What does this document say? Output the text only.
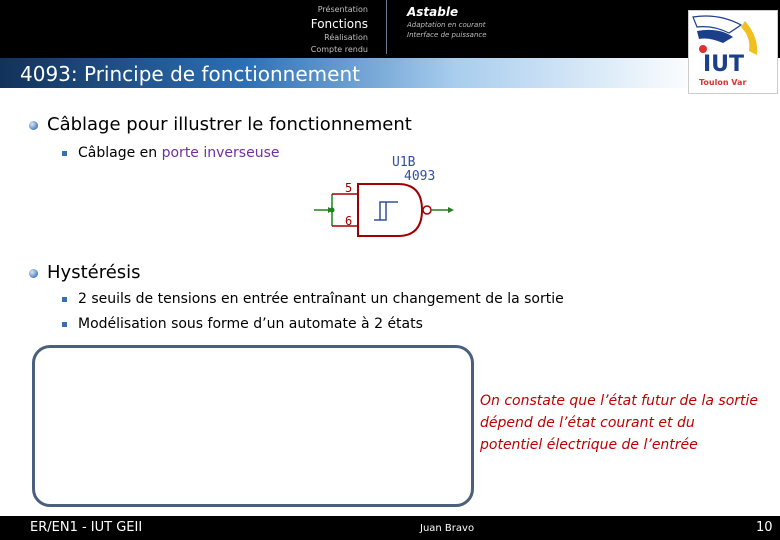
Présentation
Fonctions
Réalisation
Compte rendu
Astable
Adaptation en courant
Interface de puissance
4093: Principe de fonctionnement	IUT
Toulon Var
Câblage pour illustrer le fonctionnement
Câblage en porte inverseuse
U1B
4093
5
6
Hystérésis
2 seuils de tensions en entrée entraînant un changement de la sortie
Modélisation sous forme d’un automate à 2 états
On constate que l’état futur de la sortie dépend de l’état courant et du potentiel électrique de l’entrée
ER/EN1 - IUT GEII	Juan Bravo	10
